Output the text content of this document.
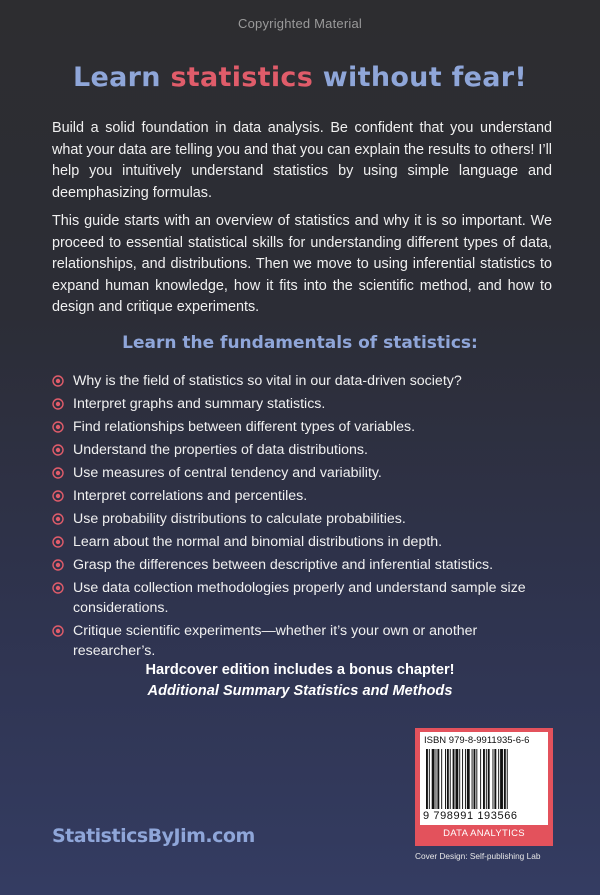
Copyrighted Material
Learn statistics without fear!
Build a solid foundation in data analysis. Be confident that you understand what your data are telling you and that you can explain the results to others! I’ll help you intuitively understand statistics by using simple language and deemphasizing formulas.
This guide starts with an overview of statistics and why it is so important. We proceed to essential statistical skills for understanding different types of data, relationships, and distributions. Then we move to using inferential statistics to expand human knowledge, how it fits into the scientific method, and how to design and critique experiments.
Learn the fundamentals of statistics:
Why is the field of statistics so vital in our data-driven society?
Interpret graphs and summary statistics.
Find relationships between different types of variables.
Understand the properties of data distributions.
Use measures of central tendency and variability.
Interpret correlations and percentiles.
Use probability distributions to calculate probabilities.
Learn about the normal and binomial distributions in depth.
Grasp the differences between descriptive and inferential statistics.
Use data collection methodologies properly and understand sample size considerations.
Critique scientific experiments—whether it’s your own or another researcher’s.
Hardcover edition includes a bonus chapter!
Additional Summary Statistics and Methods
StatisticsByJim.com
ISBN 979-8-9911935-6-6
9 798991 193566
DATA ANALYTICS
Cover Design: Self-publishing Lab
